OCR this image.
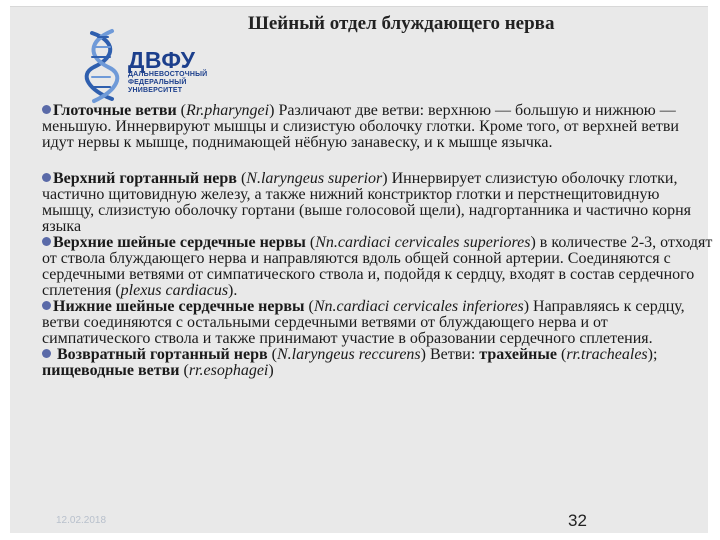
ДВФУ
ДАЛЬНЕВОСТОЧНЫЙ
ФЕДЕРАЛЬНЫЙ
УНИВЕРСИТЕТ
Шейный отдел блуждающего нерва

Глоточные ветви (Rr.pharyngei) Различают две ветви: верхнюю — большую и нижнюю — меньшую. Иннервируют мышцы и слизистую оболочку глотки. Кроме того, от верхней ветви идут нервы к мышце, поднимающей нёбную занавеску, и к мышце язычка.

Верхний гортанный нерв (N.laryngeus superior) Иннервирует слизистую оболочку глотки, частично щитовидную железу, а также нижний констриктор глотки и перстнещитовидную мышцу, слизистую оболочку гортани (выше голосовой щели), надгортанника и частично корня языка

Верхние шейные сердечные нервы (Nn.cardiaci cervicales superiores) в количестве 2-3, отходят от ствола блуждающего нерва и направляются вдоль общей сонной артерии. Соединяются с сердечными ветвями от симпатического ствола и, подойдя к сердцу, входят в состав сердечного сплетения (plexus cardiacus).

Нижние шейные сердечные нервы (Nn.cardiaci cervicales inferiores) Направляясь к сердцу, ветви соединяются с остальными сердечными ветвями от блуждающего нерва и от симпатического ствола и также принимают участие в образовании сердечного сплетения.

Возвратный гортанный нерв (N.laryngeus reccurens) Ветви: трахейные (rr.tracheales); пищеводные ветви (rr.esophagei)

12.02.2018	32
